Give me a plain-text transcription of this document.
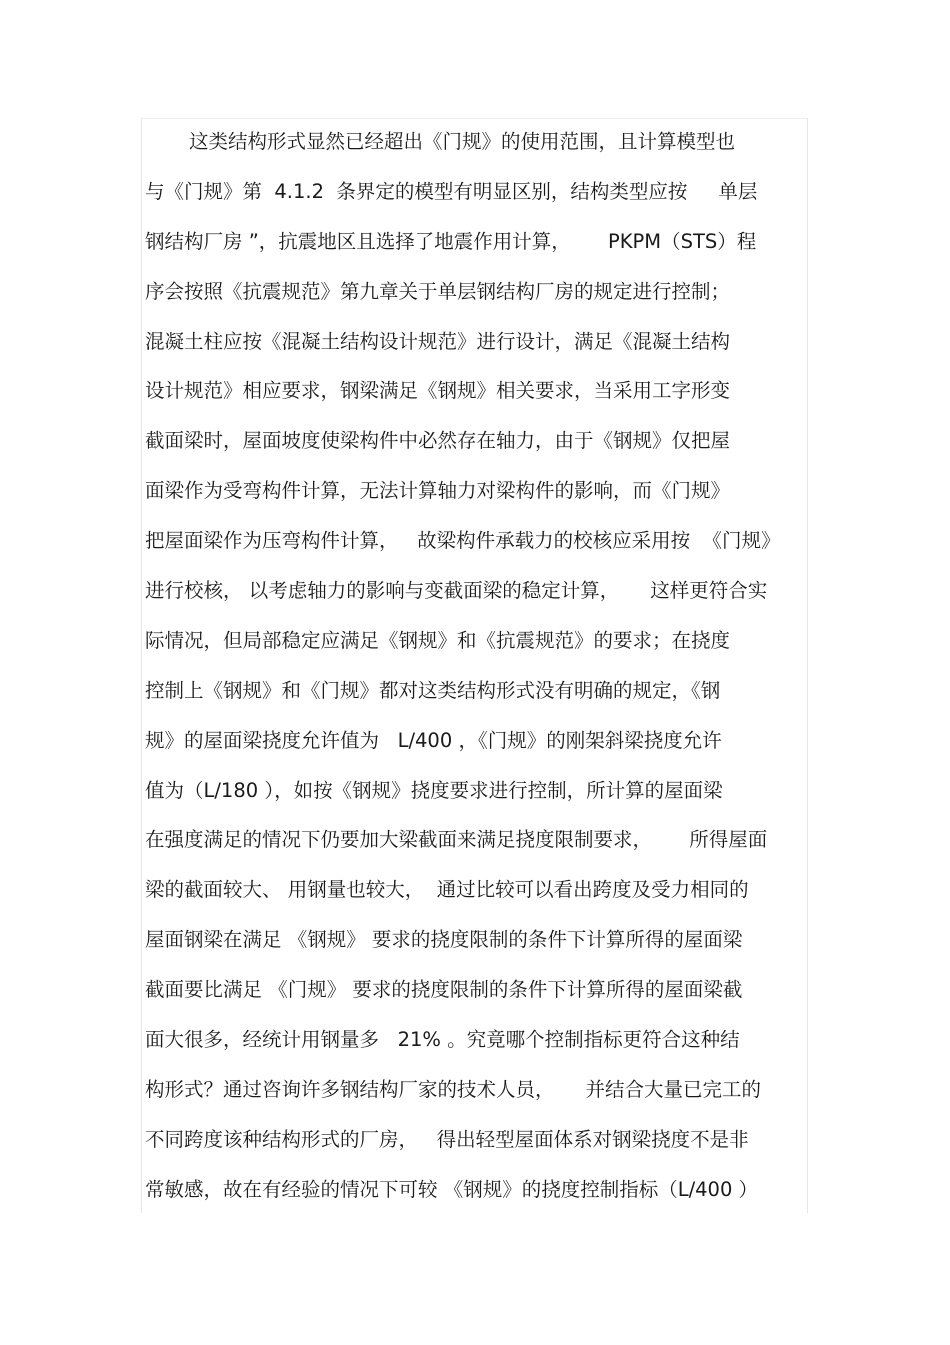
这类结构形式显然已经超出《门规》的使用范围，且计算模型也
与《门规》第  4.1.2  条界定的模型有明显区别，结构类型应按     单层
钢结构厂房 ”，抗震地区且选择了地震作用计算，      PKPM（STS）程
序会按照《抗震规范》第九章关于单层钢结构厂房的规定进行控制；
混凝土柱应按《混凝土结构设计规范》进行设计，满足《混凝土结构
设计规范》相应要求，钢梁满足《钢规》相关要求，当采用工字形变
截面梁时，屋面坡度使梁构件中必然存在轴力，由于《钢规》仅把屋
面梁作为受弯构件计算，无法计算轴力对梁构件的影响，而《门规》
把屋面梁作为压弯构件计算，   故梁构件承载力的校核应采用按  《门规》
进行校核， 以考虑轴力的影响与变截面梁的稳定计算，     这样更符合实
际情况，但局部稳定应满足《钢规》和《抗震规范》的要求；在挠度
控制上《钢规》和《门规》都对这类结构形式没有明确的规定，《钢
规》的屋面梁挠度允许值为   L/400 ，《门规》的刚架斜梁挠度允许
值为（L/180 ），如按《钢规》挠度要求进行控制，所计算的屋面梁
在强度满足的情况下仍要加大梁截面来满足挠度限制要求，      所得屋面
梁的截面较大、 用钢量也较大，  通过比较可以看出跨度及受力相同的
屋面钢梁在满足 《钢规》 要求的挠度限制的条件下计算所得的屋面梁
截面要比满足 《门规》 要求的挠度限制的条件下计算所得的屋面梁截
面大很多，经统计用钢量多   21% 。究竟哪个控制指标更符合这种结
构形式？通过咨询许多钢结构厂家的技术人员，     并结合大量已完工的
不同跨度该种结构形式的厂房，   得出轻型屋面体系对钢梁挠度不是非
常敏感，故在有经验的情况下可较 《钢规》的挠度控制指标（L/400 ）
